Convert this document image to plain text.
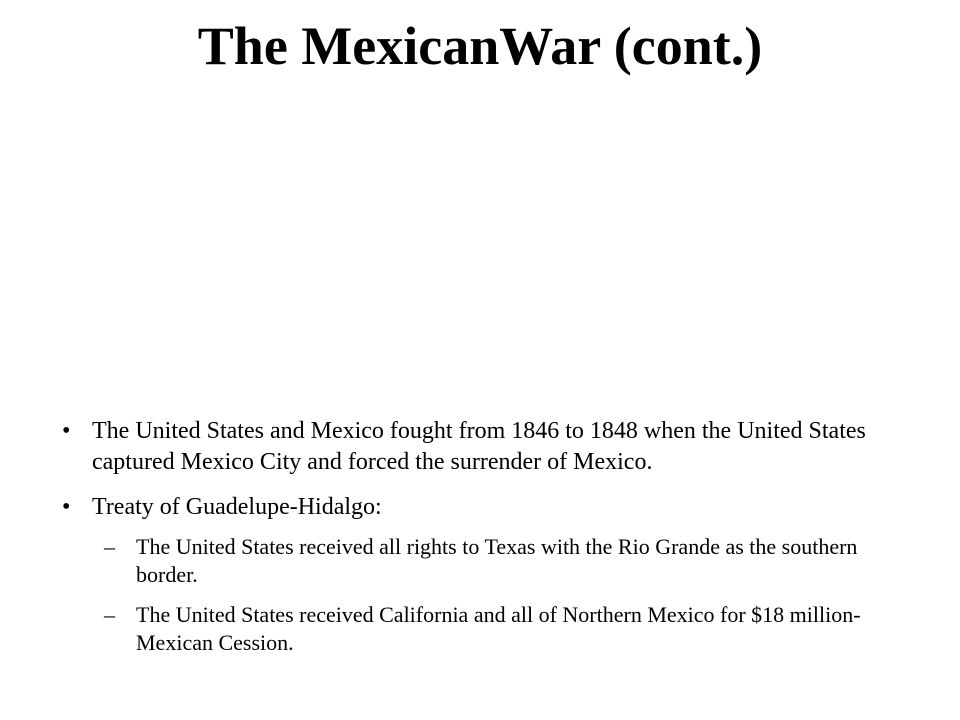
The MexicanWar (cont.)
• The United States and Mexico fought from 1846 to 1848 when the United States captured Mexico City and forced the surrender of Mexico.
• Treaty of Guadelupe-Hidalgo:
– The United States received all rights to Texas with the Rio Grande as the southern border.
– The United States received California and all of Northern Mexico for $18 million-Mexican Cession.
